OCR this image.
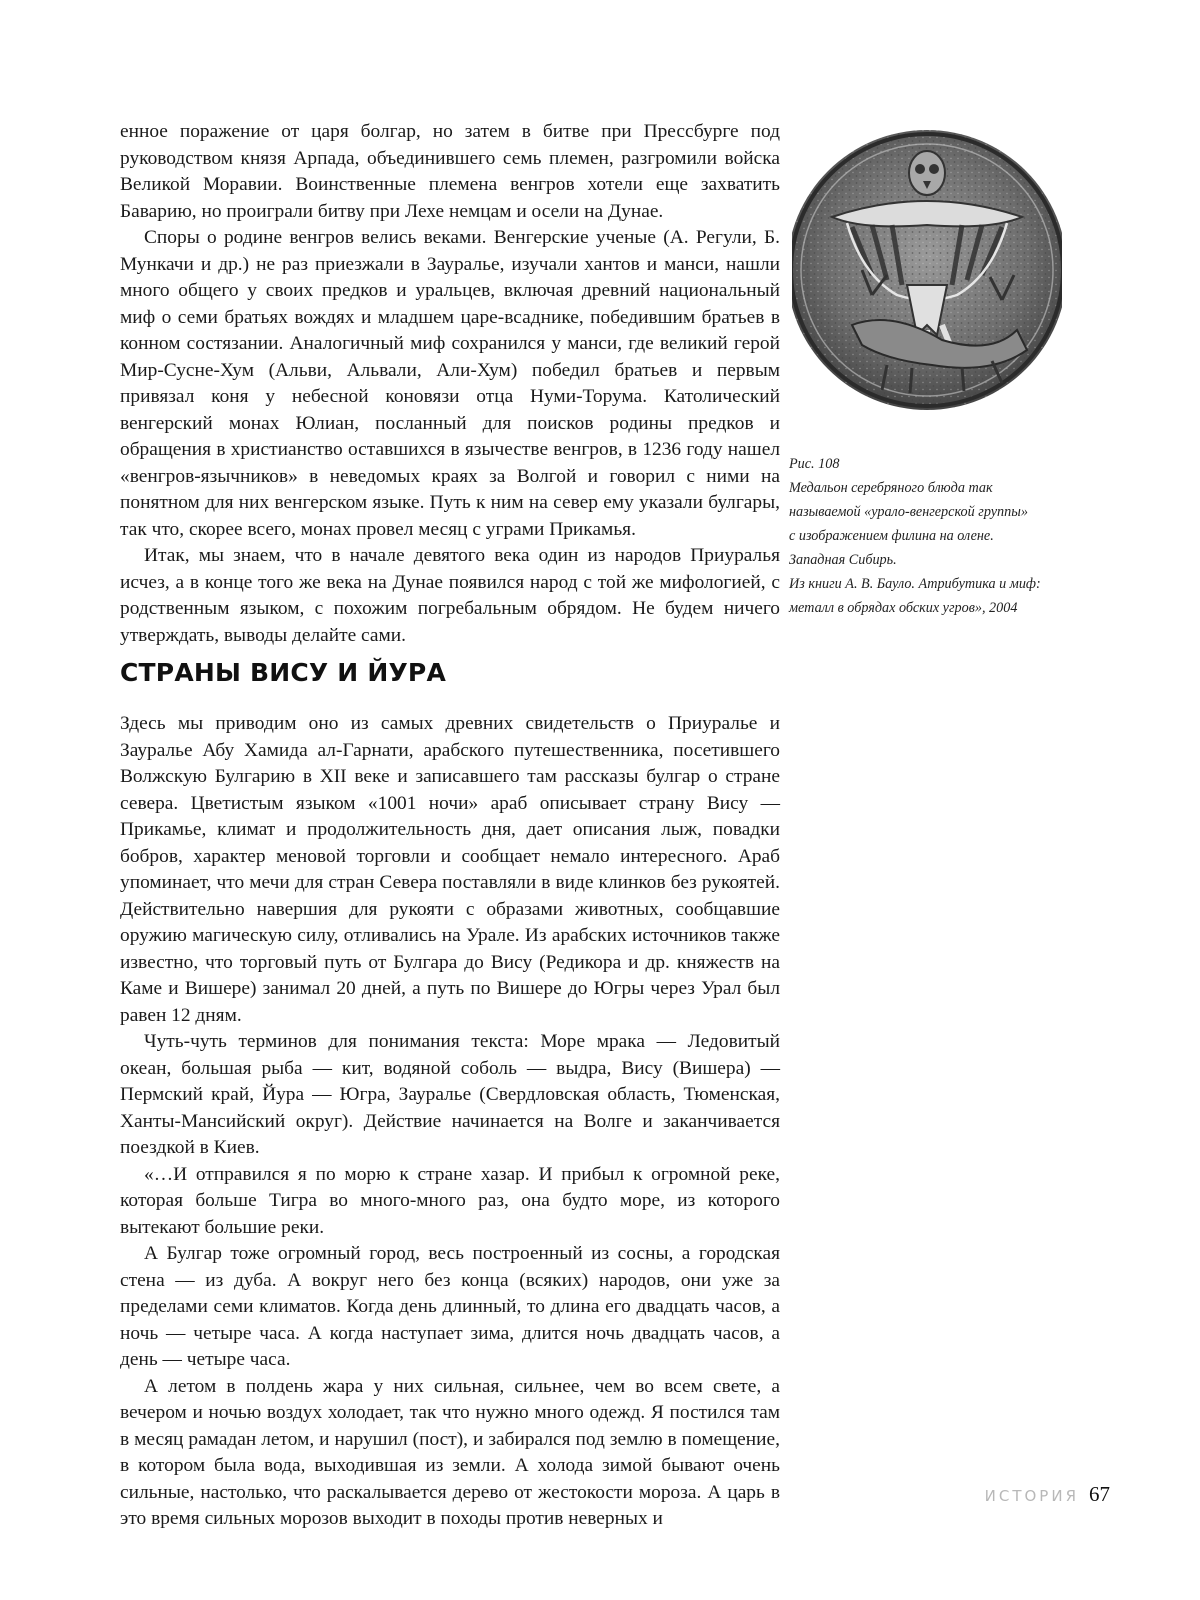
енное поражение от царя болгар, но затем в битве при Прессбурге под руководством князя Арпада, объединившего семь племен, разгромили войска Великой Моравии. Воинственные племена венгров хотели еще захватить Баварию, но проиграли битву при Лехе немцам и осели на Дунае.

Споры о родине венгров велись веками. Венгерские ученые (А. Регули, Б. Мункачи и др.) не раз приезжали в Зауралье, изучали хантов и манси, нашли много общего у своих предков и уральцев, включая древний национальный миф о семи братьях вождях и младшем царе-всаднике, победившим братьев в конном состязании. Аналогичный миф сохранился у манси, где великий герой Мир-Сусне-Хум (Альви, Альвали, Али-Хум) победил братьев и первым привязал коня у небесной коновязи отца Нуми-Торума. Католический венгерский монах Юлиан, посланный для поисков родины предков и обращения в христианство оставшихся в язычестве венгров, в 1236 году нашел «венгров-язычников» в неведомых краях за Волгой и говорил с ними на понятном для них венгерском языке. Путь к ним на север ему указали булгары, так что, скорее всего, монах провел месяц с уграми Прикамья.

Итак, мы знаем, что в начале девятого века один из народов Приуралья исчез, а в конце того же века на Дунае появился народ с той же мифологией, с родственным языком, с похожим погребальным обрядом. Не будем ничего утверждать, выводы делайте сами.

Рис. 108
Медальон серебряного блюда так
называемой «урало-венгерской группы»
с изображением филина на олене.
Западная Сибирь.
Из книги А. В. Бауло. Атрибутика и миф:
металл в обрядах обских угров», 2004
СТРАНЫ ВИСУ И ЙУРА

Здесь мы приводим оно из самых древних свидетельств о Приуралье и Зауралье Абу Хамида ал-Гарнати, арабского путешественника, посетившего Волжскую Булгарию в XII веке и записавшего там рассказы булгар о стране севера. Цветистым языком «1001 ночи» араб описывает страну Вису — Прикамье, климат и продолжительность дня, дает описания лыж, повадки бобров, характер меновой торговли и сообщает немало интересного. Араб упоминает, что мечи для стран Севера поставляли в виде клинков без рукоятей. Действительно навершия для рукояти с образами животных, сообщавшие оружию магическую силу, отливались на Урале. Из арабских источников также известно, что торговый путь от Булгара до Вису (Редикора и др. княжеств на Каме и Вишере) занимал 20 дней, а путь по Вишере до Югры через Урал был равен 12 дням.

Чуть-чуть терминов для понимания текста: Море мрака — Ледовитый океан, большая рыба — кит, водяной соболь — выдра, Вису (Вишера) — Пермский край, Йура — Югра, Зауралье (Свердловская область, Тюменская, Ханты-Мансийский округ). Действие начинается на Волге и заканчивается поездкой в Киев.

«…И отправился я по морю к стране хазар. И прибыл к огромной реке, которая больше Тигра во много-много раз, она будто море, из которого вытекают большие реки.

А Булгар тоже огромный город, весь построенный из сосны, а городская стена — из дуба. А вокруг него без конца (всяких) народов, они уже за пределами семи климатов. Когда день длинный, то длина его двадцать часов, а ночь — четыре часа. А когда наступает зима, длится ночь двадцать часов, а день — четыре часа.

А летом в полдень жара у них сильная, сильнее, чем во всем свете, а вечером и ночью воздух холодает, так что нужно много одежд. Я постился там в месяц рамадан летом, и нарушил (пост), и забирался под землю в помещение, в котором была вода, выходившая из земли. А холода зимой бывают очень сильные, настолько, что раскалывается дерево от жестокости мороза. А царь в это время сильных морозов выходит в походы против неверных и

ИСТОРИЯ 67
